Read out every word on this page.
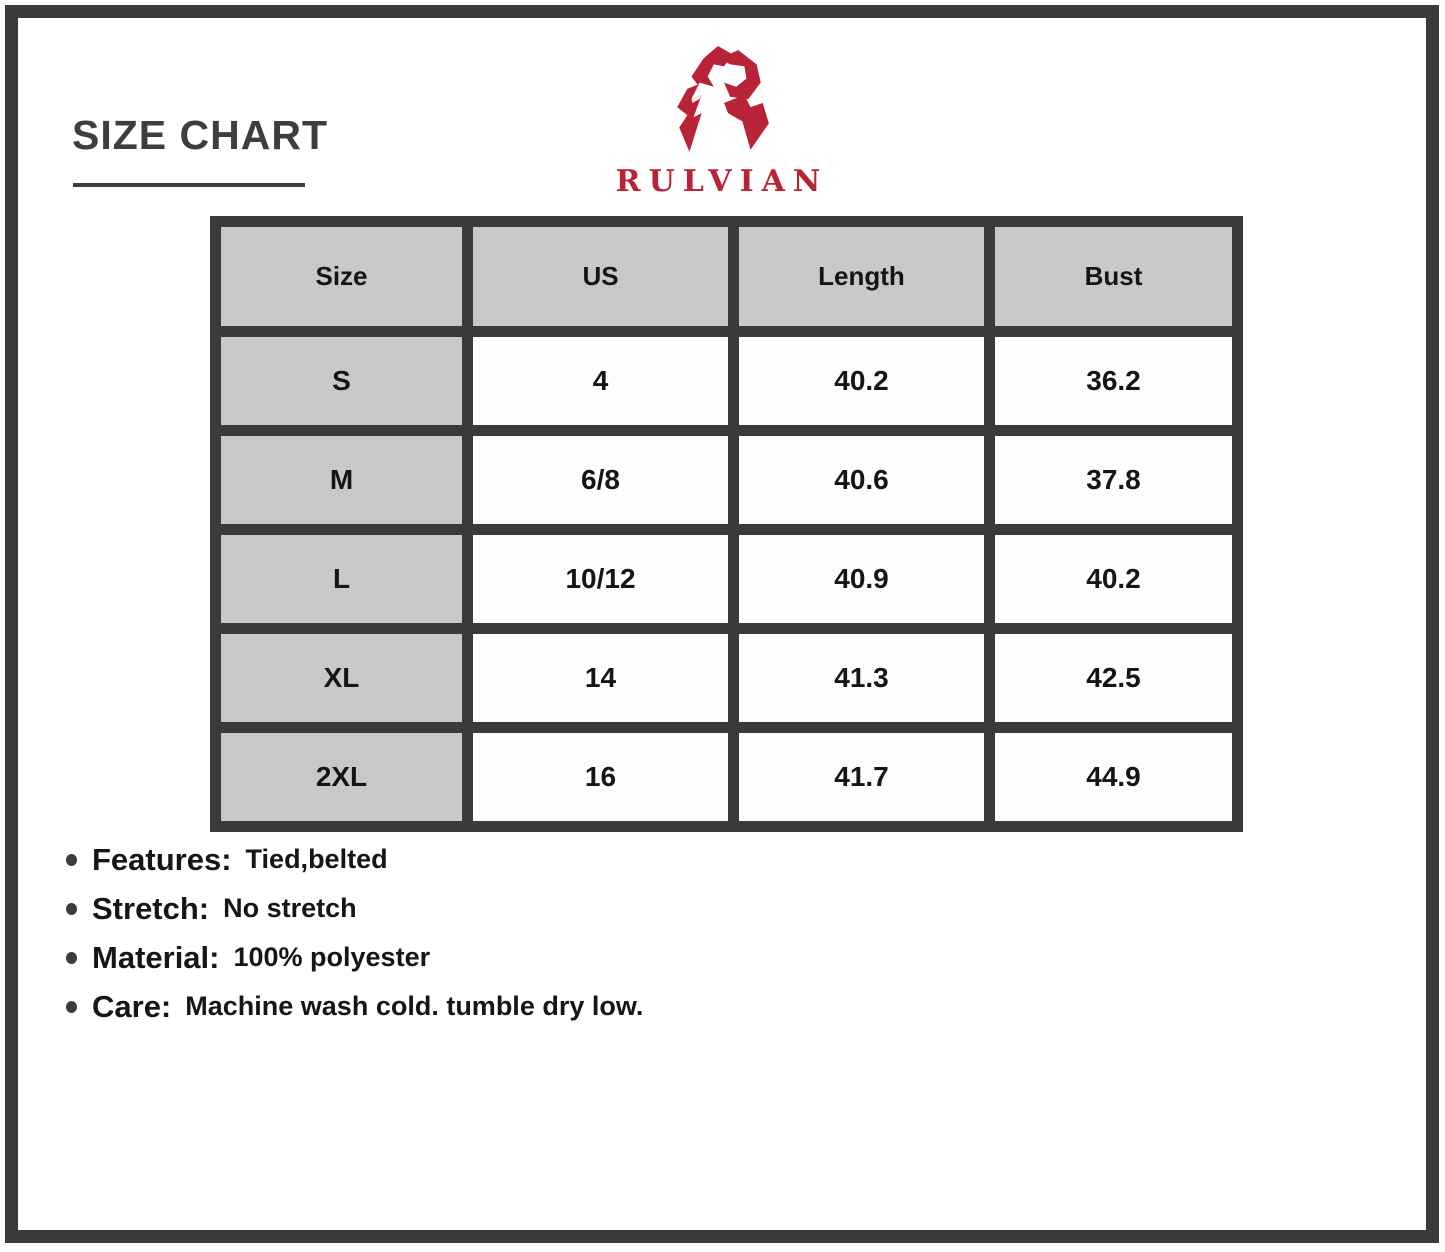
SIZE CHART
RULVIAN
Size	US	Length	Bust
S	4	40.2	36.2
M	6/8	40.6	37.8
L	10/12	40.9	40.2
XL	14	41.3	42.5
2XL	16	41.7	44.9
Features: Tied,belted
Stretch: No stretch
Material: 100% polyester
Care: Machine wash cold. tumble dry low.
